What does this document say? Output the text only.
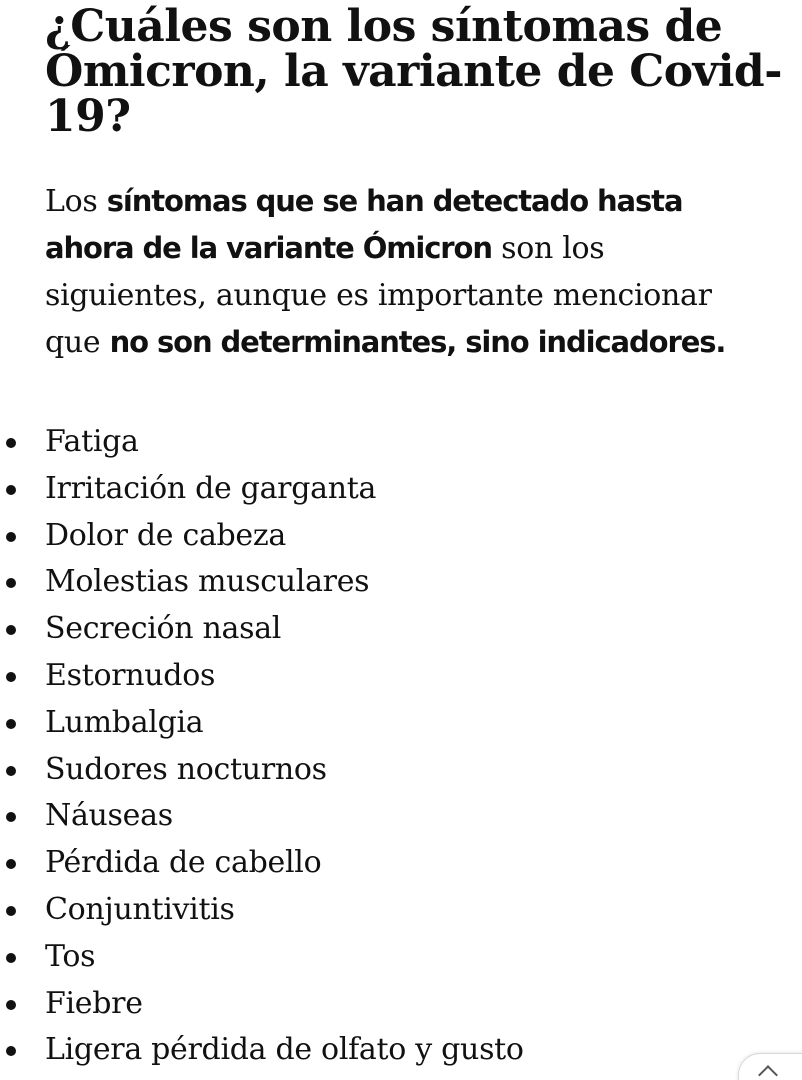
¿Cuáles son los síntomas de Ómicron, la variante de Covid-19?

Los síntomas que se han detectado hasta ahora de la variante Ómicron son los siguientes, aunque es importante mencionar que no son determinantes, sino indicadores.

Fatiga
Irritación de garganta
Dolor de cabeza
Molestias musculares
Secreción nasal
Estornudos
Lumbalgia
Sudores nocturnos
Náuseas
Pérdida de cabello
Conjuntivitis
Tos
Fiebre
Ligera pérdida de olfato y gusto
